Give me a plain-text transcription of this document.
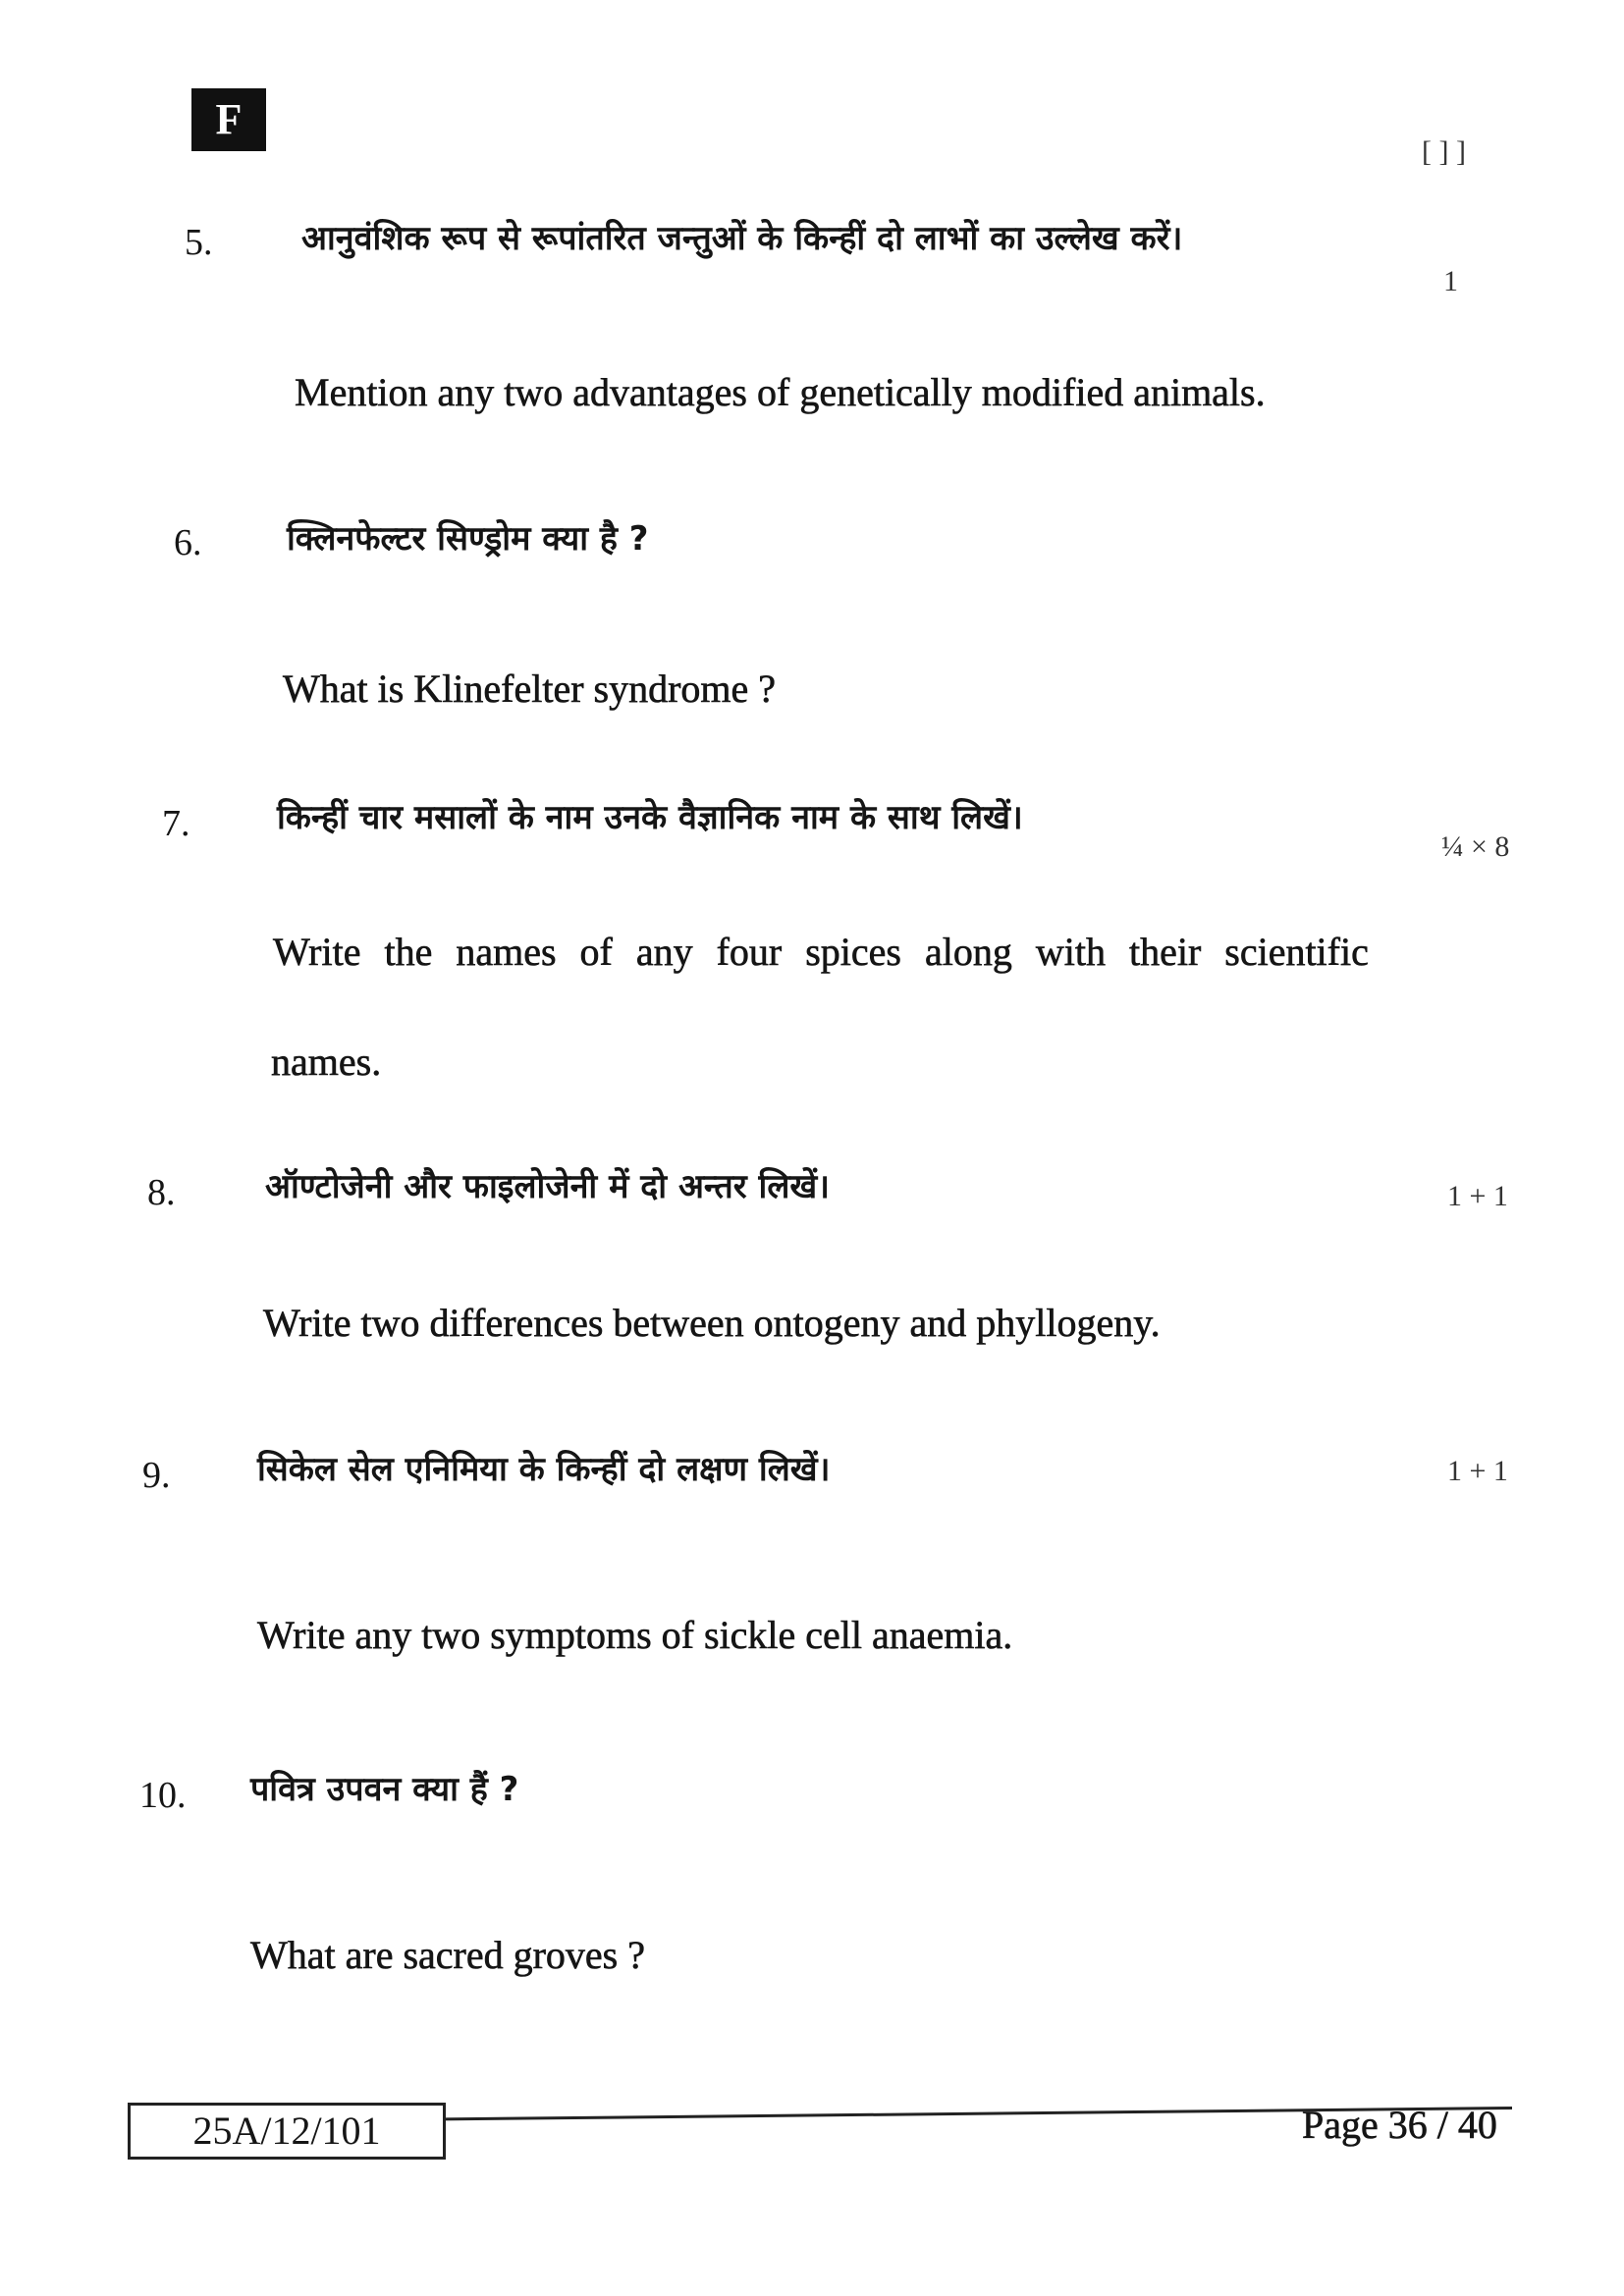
F
[ ] ]
5.	आनुवंशिक रूप से रूपांतरित जन्तुओं के किन्हीं दो लाभों का उल्लेख करें।
1
Mention any two advantages of genetically modified animals.
6.	क्लिनफेल्टर सिण्ड्रोम क्या है ?
What is Klinefelter syndrome ?
7.	किन्हीं चार मसालों के नाम उनके वैज्ञानिक नाम के साथ लिखें।
¼ × 8
Write the names of any four spices along with their scientific
names.
8.	ऑण्टोजेनी और फाइलोजेनी में दो अन्तर लिखें।	1 + 1
Write two differences between ontogeny and phyllogeny.
9.	सिकेल सेल एनिमिया के किन्हीं दो लक्षण लिखें।	1 + 1
Write any two symptoms of sickle cell anaemia.
10. पवित्र उपवन क्या हैं ?
What are sacred groves ?
25A/12/101	Page 36 / 40
